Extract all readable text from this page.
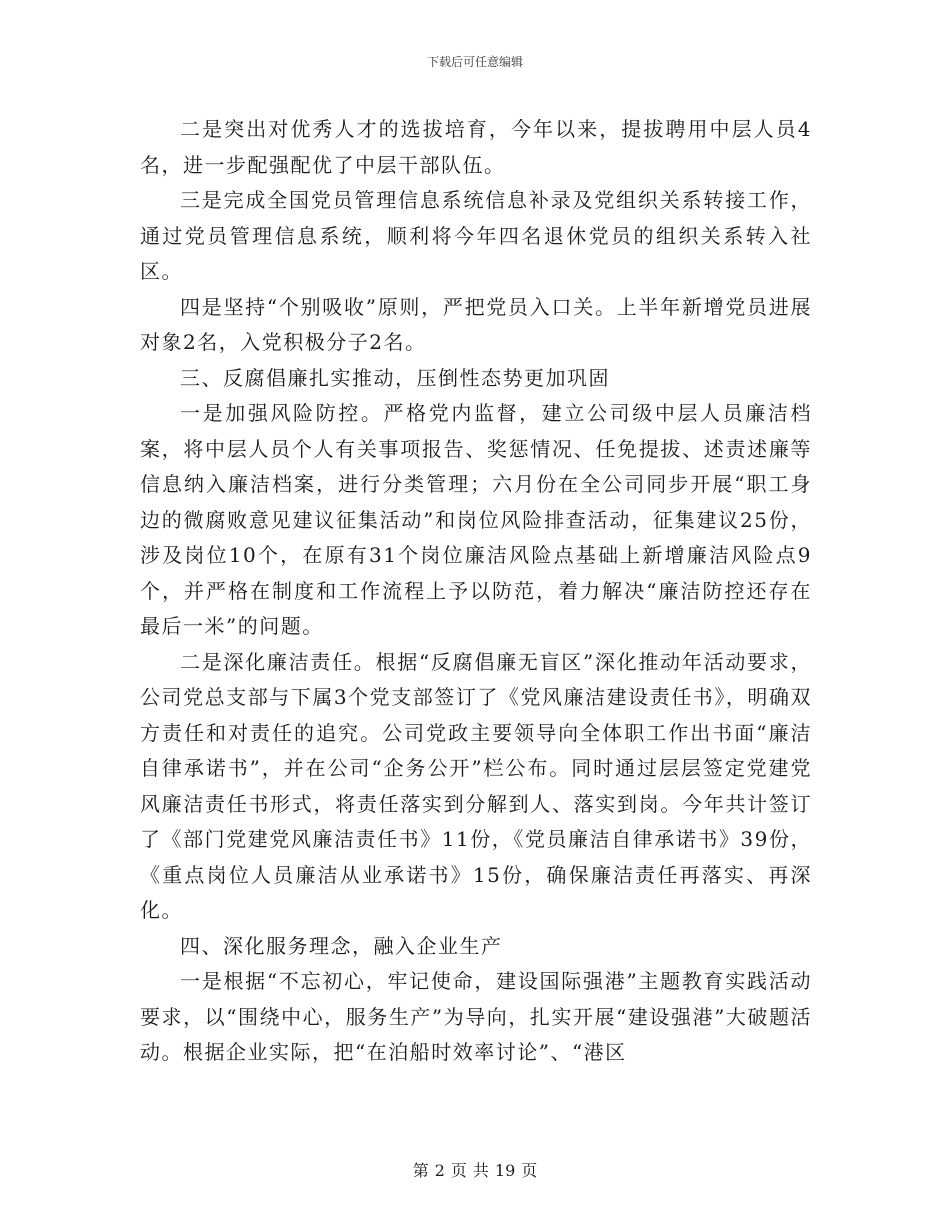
下载后可任意编辑

二是突出对优秀人才的选拔培育，今年以来，提拔聘用中层人员4名，进一步配强配优了中层干部队伍。

三是完成全国党员管理信息系统信息补录及党组织关系转接工作，通过党员管理信息系统，顺利将今年四名退休党员的组织关系转入社区。

四是坚持“个别吸收”原则，严把党员入口关。上半年新增党员进展对象2名，入党积极分子2名。

三、反腐倡廉扎实推动，压倒性态势更加巩固

一是加强风险防控。严格党内监督，建立公司级中层人员廉洁档案，将中层人员个人有关事项报告、奖惩情况、任免提拔、述责述廉等信息纳入廉洁档案，进行分类管理；六月份在全公司同步开展“职工身边的微腐败意见建议征集活动”和岗位风险排查活动，征集建议25份，涉及岗位10个，在原有31个岗位廉洁风险点基础上新增廉洁风险点9个，并严格在制度和工作流程上予以防范，着力解决“廉洁防控还存在最后一米”的问题。

二是深化廉洁责任。根据“反腐倡廉无盲区”深化推动年活动要求，公司党总支部与下属3个党支部签订了《党风廉洁建设责任书》，明确双方责任和对责任的追究。公司党政主要领导向全体职工作出书面“廉洁自律承诺书”，并在公司“企务公开”栏公布。同时通过层层签定党建党风廉洁责任书形式，将责任落实到分解到人、落实到岗。今年共计签订了《部门党建党风廉洁责任书》11份，《党员廉洁自律承诺书》39份，《重点岗位人员廉洁从业承诺书》15份，确保廉洁责任再落实、再深化。

四、深化服务理念，融入企业生产

一是根据“不忘初心，牢记使命，建设国际强港”主题教育实践活动要求，以“围绕中心，服务生产”为导向，扎实开展“建设强港”大破题活动。根据企业实际，把“在泊船时效率讨论”、“港区

第 2 页 共 19 页
